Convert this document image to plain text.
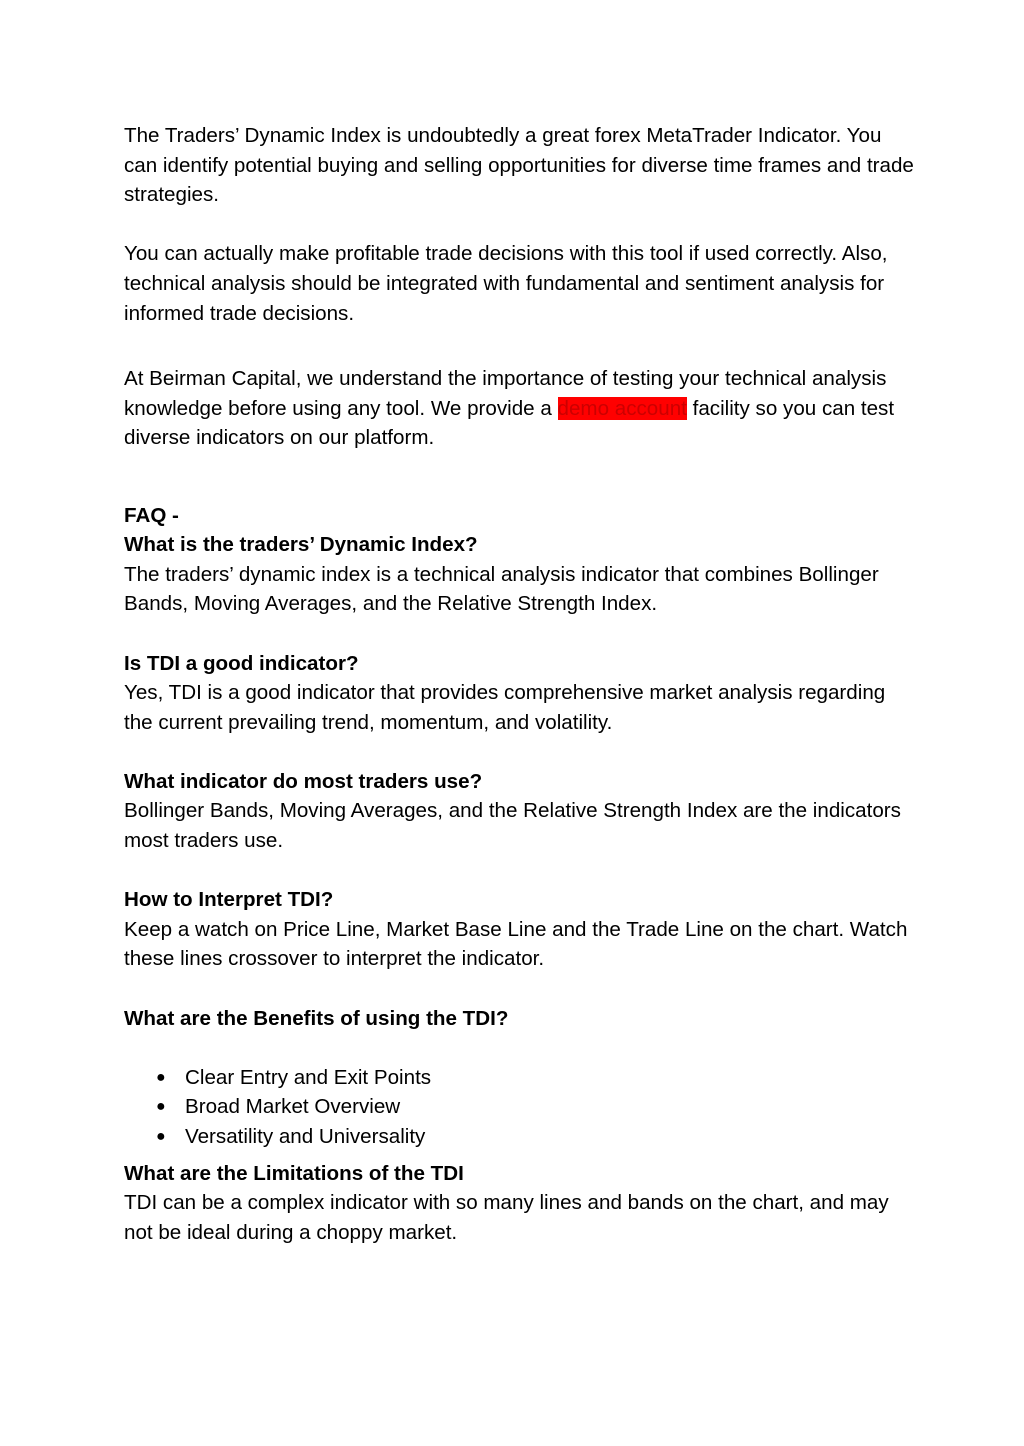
The Traders’ Dynamic Index is undoubtedly a great forex MetaTrader Indicator. You can identify potential buying and selling opportunities for diverse time frames and trade strategies.

You can actually make profitable trade decisions with this tool if used correctly. Also, technical analysis should be integrated with fundamental and sentiment analysis for informed trade decisions.

At Beirman Capital, we understand the importance of testing your technical analysis knowledge before using any tool. We provide a demo account facility so you can test diverse indicators on our platform.

FAQ -

What is the traders’ Dynamic Index?

The traders’ dynamic index is a technical analysis indicator that combines Bollinger Bands, Moving Averages, and the Relative Strength Index.

Is TDI a good indicator?

Yes, TDI is a good indicator that provides comprehensive market analysis regarding the current prevailing trend, momentum, and volatility.

What indicator do most traders use?

Bollinger Bands, Moving Averages, and the Relative Strength Index are the indicators most traders use.

How to Interpret TDI?

Keep a watch on Price Line, Market Base Line and the Trade Line on the chart. Watch these lines crossover to interpret the indicator.

What are the Benefits of using the TDI?

● Clear Entry and Exit Points
● Broad Market Overview
● Versatility and Universality

What are the Limitations of the TDI

TDI can be a complex indicator with so many lines and bands on the chart, and may not be ideal during a choppy market.
